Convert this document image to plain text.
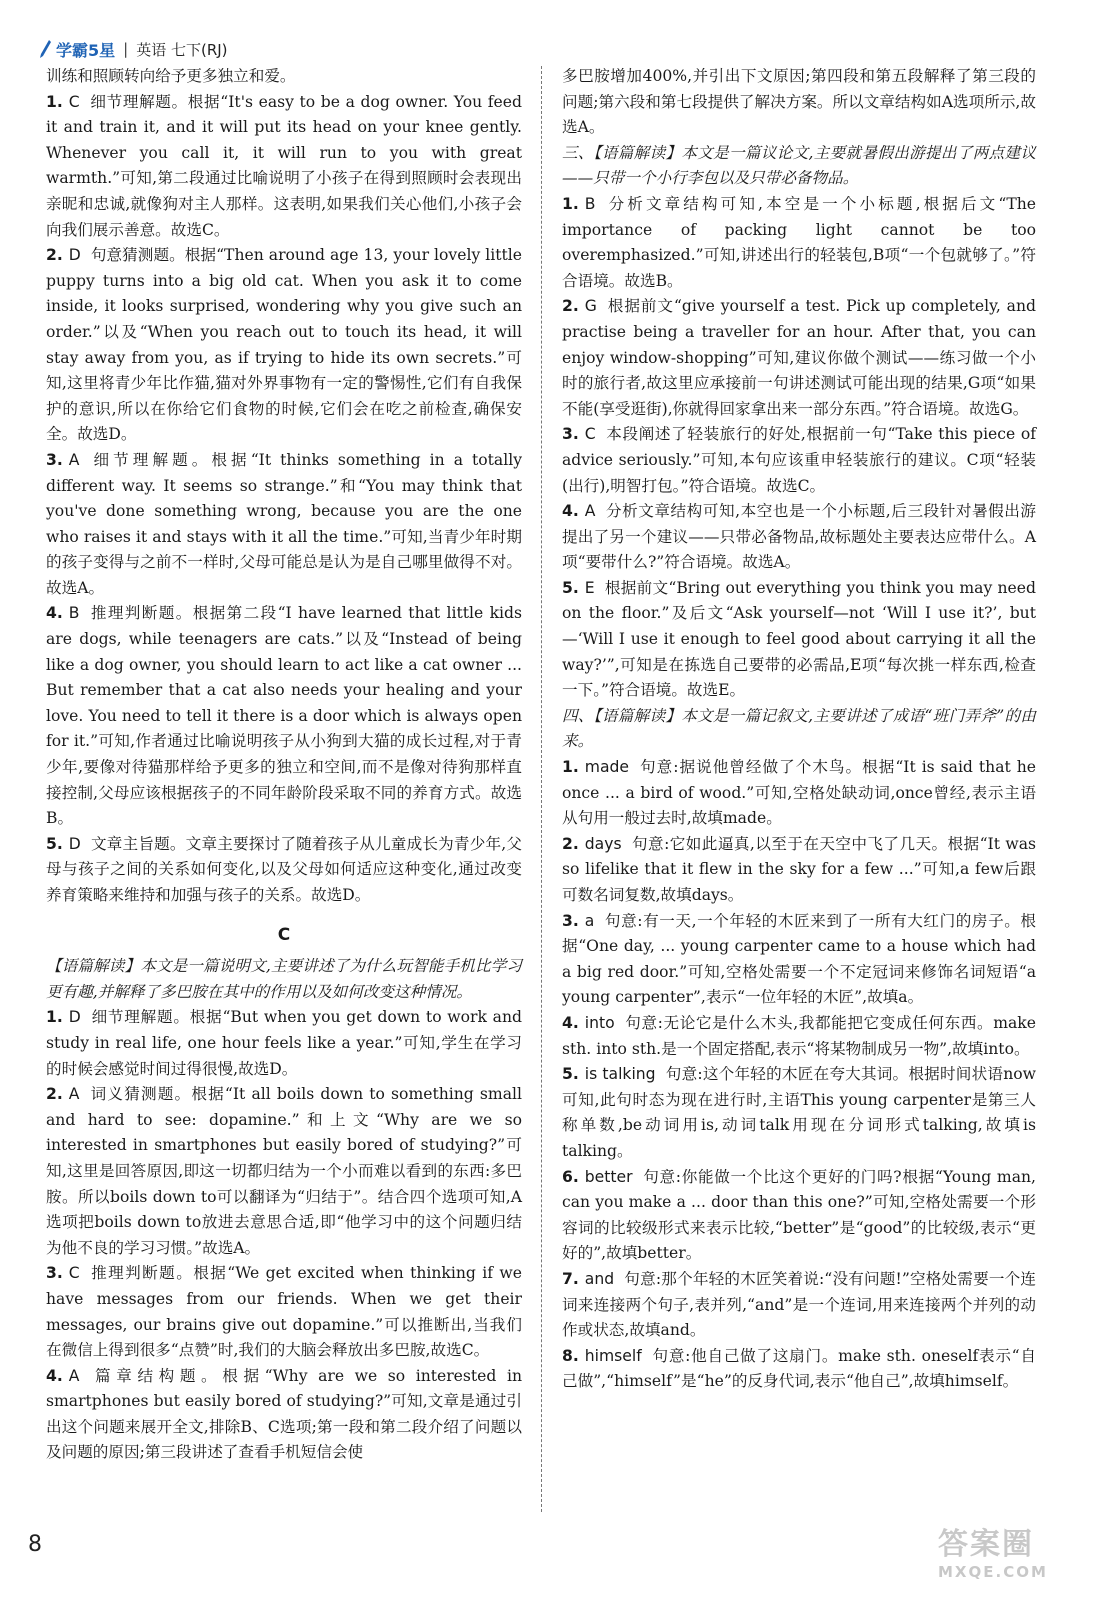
学霸5星 | 英语 七下(RJ)

训练和照顾转向给予更多独立和爱。

1. C 细节理解题。根据“It's easy to be a dog owner. You feed it and train it, and it will put its head on your knee gently. Whenever you call it, it will run to you with great warmth.”可知,第二段通过比喻说明了小孩子在得到照顾时会表现出亲昵和忠诚,就像狗对主人那样。这表明,如果我们关心他们,小孩子会向我们展示善意。故选C。

2. D 句意猜测题。根据“Then around age 13, your lovely little puppy turns into a big old cat. When you ask it to come inside, it looks surprised, wondering why you give such an order.”以及“When you reach out to touch its head, it will stay away from you, as if trying to hide its own secrets.”可知,这里将青少年比作猫,猫对外界事物有一定的警惕性,它们有自我保护的意识,所以在你给它们食物的时候,它们会在吃之前检查,确保安全。故选D。

3. A 细节理解题。根据“It thinks something in a totally different way. It seems so strange.”和“You may think that you've done something wrong, because you are the one who raises it and stays with it all the time.”可知,当青少年时期的孩子变得与之前不一样时,父母可能总是认为是自己哪里做得不对。故选A。

4. B 推理判断题。根据第二段“I have learned that little kids are dogs, while teenagers are cats.”以及“Instead of being like a dog owner, you should learn to act like a cat owner ... But remember that a cat also needs your healing and your love. You need to tell it there is a door which is always open for it.”可知,作者通过比喻说明孩子从小狗到大猫的成长过程,对于青少年,要像对待猫那样给予更多的独立和空间,而不是像对待狗那样直接控制,父母应该根据孩子的不同年龄阶段采取不同的养育方式。故选B。

5. D 文章主旨题。文章主要探讨了随着孩子从儿童成长为青少年,父母与孩子之间的关系如何变化,以及父母如何适应这种变化,通过改变养育策略来维持和加强与孩子的关系。故选D。

C

【语篇解读】本文是一篇说明文,主要讲述了为什么玩智能手机比学习更有趣,并解释了多巴胺在其中的作用以及如何改变这种情况。

1. D 细节理解题。根据“But when you get down to work and study in real life, one hour feels like a year.”可知,学生在学习的时候会感觉时间过得很慢,故选D。

2. A 词义猜测题。根据“It all boils down to something small and hard to see: dopamine.”和上文“Why are we so interested in smartphones but easily bored of studying?”可知,这里是回答原因,即这一切都归结为一个小而难以看到的东西:多巴胺。所以boils down to可以翻译为“归结于”。结合四个选项可知,A选项把boils down to放进去意思合适,即“他学习中的这个问题归结为他不良的学习习惯。”故选A。

3. C 推理判断题。根据“We get excited when thinking if we have messages from our friends. When we get their messages, our brains give out dopamine.”可以推断出,当我们在微信上得到很多“点赞”时,我们的大脑会释放出多巴胺,故选C。

4. A 篇章结构题。根据“Why are we so interested in smartphones but easily bored of studying?”可知,文章是通过引出这个问题来展开全文,排除B、C选项;第一段和第二段介绍了问题以及问题的原因;第三段讲述了查看手机短信会使

多巴胺增加400%,并引出下文原因;第四段和第五段解释了第三段的问题;第六段和第七段提供了解决方案。所以文章结构如A选项所示,故选A。

三、【语篇解读】本文是一篇议论文,主要就暑假出游提出了两点建议——只带一个小行李包以及只带必备物品。

1. B 分析文章结构可知,本空是一个小标题,根据后文“The importance of packing light cannot be too overemphasized.”可知,讲述出行的轻装包,B项“一个包就够了。”符合语境。故选B。

2. G 根据前文“give yourself a test. Pick up completely, and practise being a traveller for an hour. After that, you can enjoy window-shopping”可知,建议你做个测试——练习做一个小时的旅行者,故这里应承接前一句讲述测试可能出现的结果,G项“如果不能(享受逛街),你就得回家拿出来一部分东西。”符合语境。故选G。

3. C 本段阐述了轻装旅行的好处,根据前一句“Take this piece of advice seriously.”可知,本句应该重申轻装旅行的建议。C项“轻装(出行),明智打包。”符合语境。故选C。

4. A 分析文章结构可知,本空也是一个小标题,后三段针对暑假出游提出了另一个建议——只带必备物品,故标题处主要表达应带什么。A项“要带什么?”符合语境。故选A。

5. E 根据前文“Bring out everything you think you may need on the floor.”及后文“Ask yourself—not ‘Will I use it?’, but—‘Will I use it enough to feel good about carrying it all the way?’”,可知是在拣选自己要带的必需品,E项“每次挑一样东西,检查一下。”符合语境。故选E。

四、【语篇解读】本文是一篇记叙文,主要讲述了成语“班门弄斧”的由来。

1. made 句意:据说他曾经做了个木鸟。根据“It is said that he once ... a bird of wood.”可知,空格处缺动词,once曾经,表示主语从句用一般过去时,故填made。

2. days 句意:它如此逼真,以至于在天空中飞了几天。根据“It was so lifelike that it flew in the sky for a few ...”可知,a few后跟可数名词复数,故填days。

3. a 句意:有一天,一个年轻的木匠来到了一所有大红门的房子。根据“One day, ... young carpenter came to a house which had a big red door.”可知,空格处需要一个不定冠词来修饰名词短语“a young carpenter”,表示“一位年轻的木匠”,故填a。

4. into 句意:无论它是什么木头,我都能把它变成任何东西。make sth. into sth.是一个固定搭配,表示“将某物制成另一物”,故填into。

5. is talking 句意:这个年轻的木匠在夸大其词。根据时间状语now可知,此句时态为现在进行时,主语This young carpenter是第三人称单数,be动词用is,动词talk用现在分词形式talking,故填is talking。

6. better 句意:你能做一个比这个更好的门吗?根据“Young man, can you make a ... door than this one?”可知,空格处需要一个形容词的比较级形式来表示比较,“better”是“good”的比较级,表示“更好的”,故填better。

7. and 句意:那个年轻的木匠笑着说:“没有问题!”空格处需要一个连词来连接两个句子,表并列,“and”是一个连词,用来连接两个并列的动作或状态,故填and。

8. himself 句意:他自己做了这扇门。make sth. oneself表示“自己做”,“himself”是“he”的反身代词,表示“他自己”,故填himself。

8	答案圈
MXQE.COM
